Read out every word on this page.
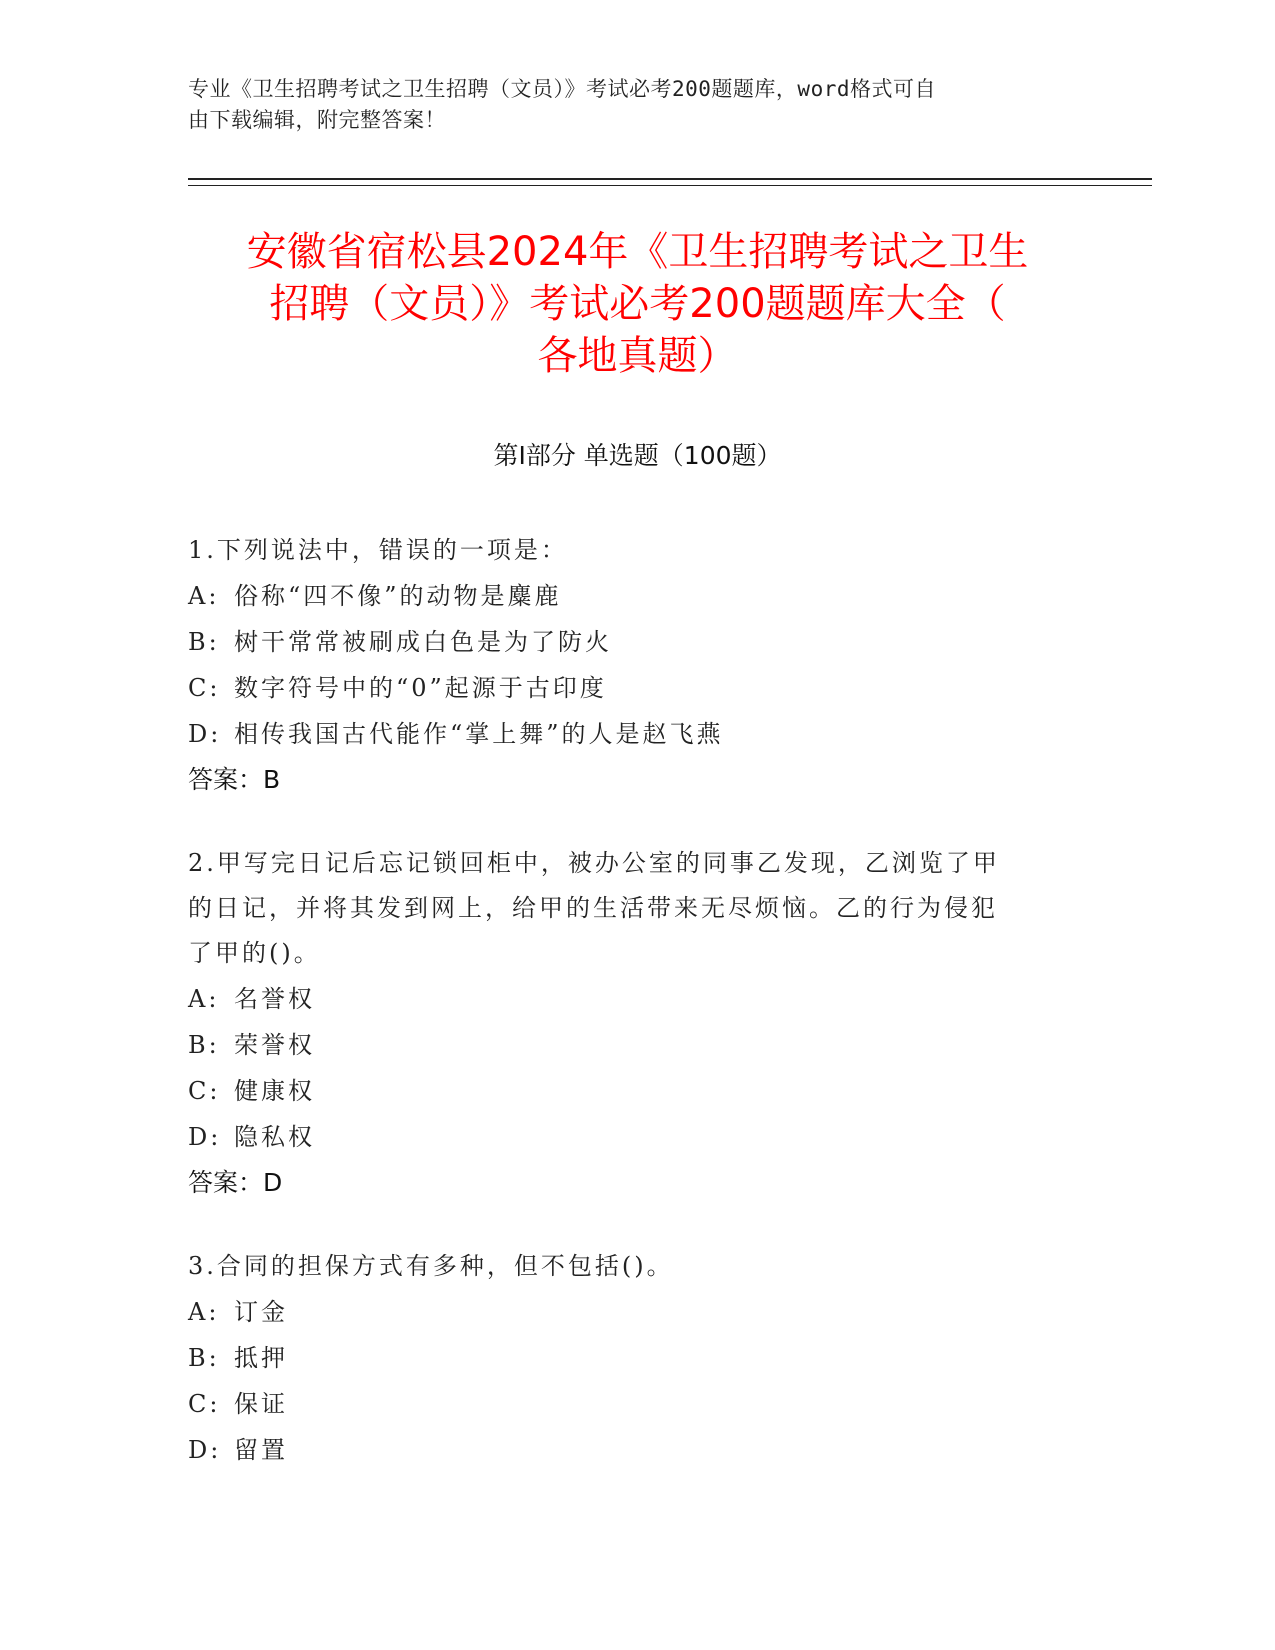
专业《卫生招聘考试之卫生招聘（文员）》考试必考200题题库，word格式可自
由下载编辑，附完整答案！
安徽省宿松县2024年《卫生招聘考试之卫生
招聘（文员）》考试必考200题题库大全（
各地真题）
第Ⅰ部分 单选题（100题）
1.下列说法中，错误的一项是：
A: 俗称“四不像”的动物是麋鹿
B: 树干常常被刷成白色是为了防火
C: 数字符号中的“0”起源于古印度
D: 相传我国古代能作“掌上舞”的人是赵飞燕
答案：B
2.甲写完日记后忘记锁回柜中，被办公室的同事乙发现，乙浏览了甲
的日记，并将其发到网上，给甲的生活带来无尽烦恼。乙的行为侵犯
了甲的()。
A: 名誉权
B: 荣誉权
C: 健康权
D: 隐私权
答案：D
3.合同的担保方式有多种，但不包括()。
A: 订金
B: 抵押
C: 保证
D: 留置
